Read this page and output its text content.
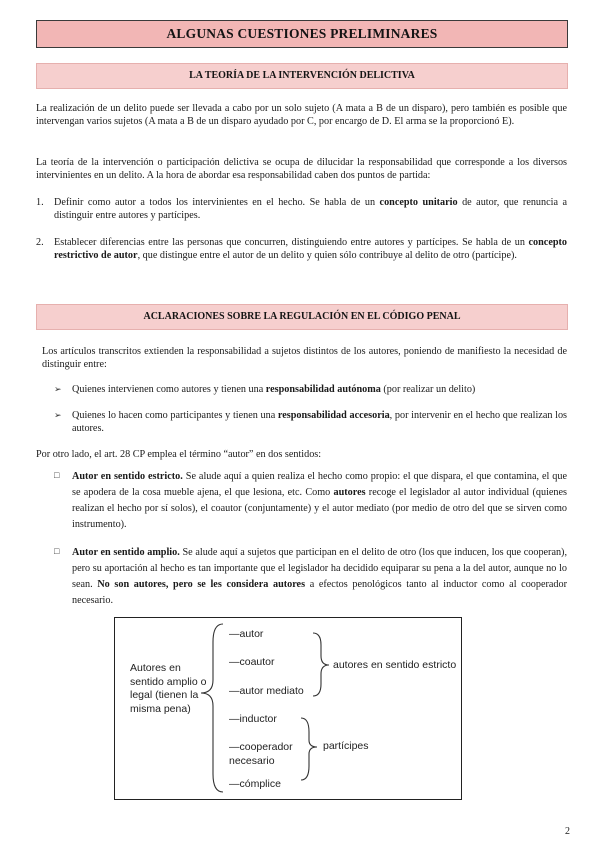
ALGUNAS CUESTIONES PRELIMINARES
LA TEORÍA DE LA INTERVENCIÓN DELICTIVA
La realización de un delito puede ser llevada a cabo por un solo sujeto (A mata a B de un disparo), pero también es posible que intervengan varios sujetos (A mata a B de un disparo ayudado por C, por encargo de D. El arma se la proporcionó E).
La teoría de la intervención o participación delictiva se ocupa de dilucidar la responsabilidad que corresponde a los diversos intervinientes en un delito. A la hora de abordar esa responsabilidad caben dos puntos de partida:
1. Definir como autor a todos los intervinientes en el hecho. Se habla de un concepto unitario de autor, que renuncia a distinguir entre autores y partícipes.
2. Establecer diferencias entre las personas que concurren, distinguiendo entre autores y partícipes. Se habla de un concepto restrictivo de autor, que distingue entre el autor de un delito y quien sólo contribuye al delito de otro (partícipe).
ACLARACIONES SOBRE LA REGULACIÓN EN EL CÓDIGO PENAL
Los artículos transcritos extienden la responsabilidad a sujetos distintos de los autores, poniendo de manifiesto la necesidad de distinguir entre:
➢ Quienes intervienen como autores y tienen una responsabilidad autónoma (por realizar un delito)
➢ Quienes lo hacen como participantes y tienen una responsabilidad accesoria, por intervenir en el hecho que realizan los autores.
Por otro lado, el art. 28 CP emplea el término “autor” en dos sentidos:
□ Autor en sentido estricto. Se alude aquí a quien realiza el hecho como propio: el que dispara, el que contamina, el que se apodera de la cosa mueble ajena, el que lesiona, etc. Como autores recoge el legislador al autor individual (quienes realizan el hecho por sí solos), el coautor (conjuntamente) y el autor mediato (por medio de otro del que se sirven como instrumento).
□ Autor en sentido amplio. Se alude aquí a sujetos que participan en el delito de otro (los que inducen, los que cooperan), pero su aportación al hecho es tan importante que el legislador ha decidido equiparar su pena a la del autor, aunque no lo sean. No son autores, pero se les considera autores a efectos penológicos tanto al inductor como al cooperador necesario.
Autores en sentido amplio o legal (tienen la misma pena)
—autor
—coautor
—autor mediato
—inductor
—cooperador necesario
—cómplice
autores en sentido estricto
partícipes
2
